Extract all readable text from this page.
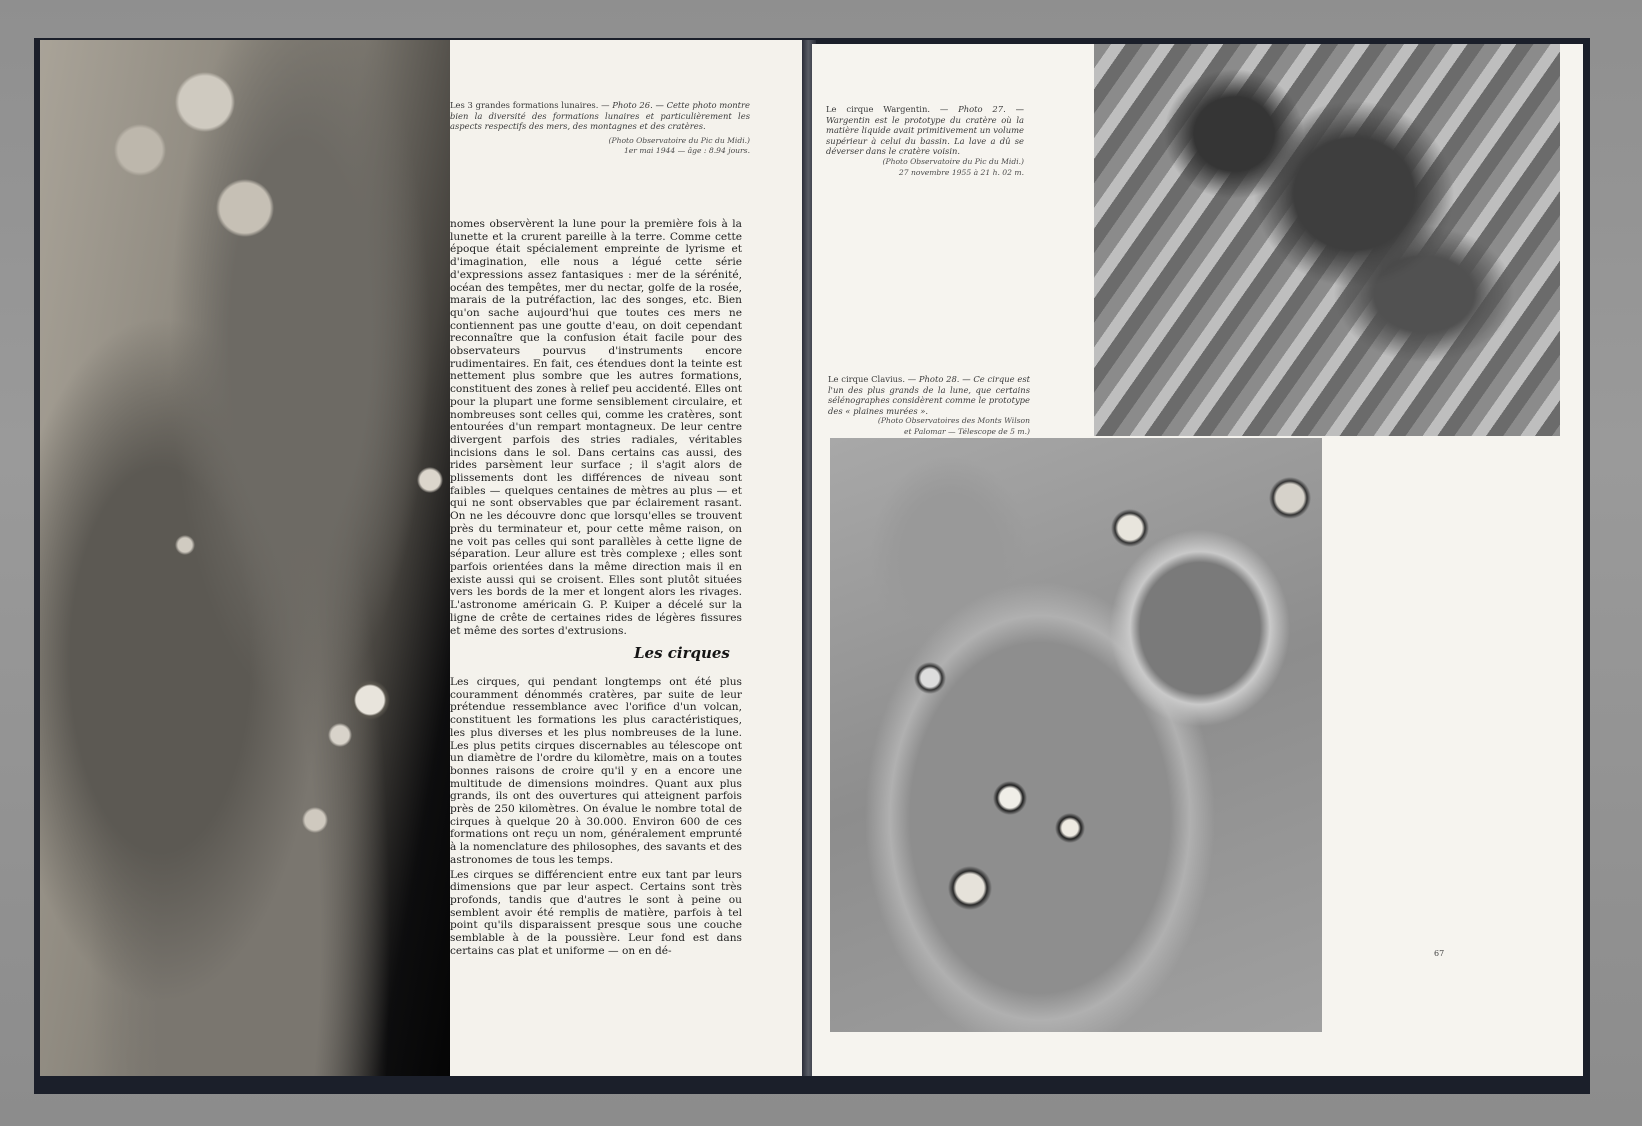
Les 3 grandes formations lunaires. — Photo 26. — Cette photo montre bien la diversité des formations lunaires et particulièrement les aspects respectifs des mers, des montagnes et des cratères.
(Photo Observatoire du Pic du Midi.)
1er mai 1944 — âge : 8.94 jours.

nomes observèrent la lune pour la première fois à la lunette et la crurent pareille à la terre. Comme cette époque était spécialement empreinte de lyrisme et d'imagination, elle nous a légué cette série d'expressions assez fantasiques : mer de la sérénité, océan des tempêtes, mer du nectar, golfe de la rosée, marais de la putréfaction, lac des songes, etc. Bien qu'on sache aujourd'hui que toutes ces mers ne contiennent pas une goutte d'eau, on doit cependant reconnaître que la confusion était facile pour des observateurs pourvus d'instruments encore rudimentaires. En fait, ces étendues dont la teinte est nettement plus sombre que les autres formations, constituent des zones à relief peu accidenté. Elles ont pour la plupart une forme sensiblement circulaire, et nombreuses sont celles qui, comme les cratères, sont entourées d'un rempart montagneux. De leur centre divergent parfois des stries radiales, véritables incisions dans le sol. Dans certains cas aussi, des rides parsèment leur surface ; il s'agit alors de plissements dont les différences de niveau sont faibles — quelques centaines de mètres au plus — et qui ne sont observables que par éclairement rasant. On ne les découvre donc que lorsqu'elles se trouvent près du terminateur et, pour cette même raison, on ne voit pas celles qui sont parallèles à cette ligne de séparation. Leur allure est très complexe ; elles sont parfois orientées dans la même direction mais il en existe aussi qui se croisent. Elles sont plutôt situées vers les bords de la mer et longent alors les rivages. L'astronome américain G. P. Kuiper a décelé sur la ligne de crête de certaines rides de légères fissures et même des sortes d'extrusions.

Les cirques

Les cirques, qui pendant longtemps ont été plus couramment dénommés cratères, par suite de leur prétendue ressemblance avec l'orifice d'un volcan, constituent les formations les plus caractéristiques, les plus diverses et les plus nombreuses de la lune. Les plus petits cirques discernables au télescope ont un diamètre de l'ordre du kilomètre, mais on a toutes bonnes raisons de croire qu'il y en a encore une multitude de dimensions moindres. Quant aux plus grands, ils ont des ouvertures qui atteignent parfois près de 250 kilomètres. On évalue le nombre total de cirques à quelque 20 à 30.000. Environ 600 de ces formations ont reçu un nom, généralement emprunté à la nomenclature des philosophes, des savants et des astronomes de tous les temps.

Les cirques se différencient entre eux tant par leurs dimensions que par leur aspect. Certains sont très profonds, tandis que d'autres le sont à peine ou semblent avoir été remplis de matière, parfois à tel point qu'ils disparaissent presque sous une couche semblable à de la poussière. Leur fond est dans certains cas plat et uniforme — on en dé-

Le cirque Wargentin. — Photo 27. — Wargentin est le prototype du cratère où la matière liquide avait primitivement un volume supérieur à celui du bassin. La lave a dû se déverser dans le cratère voisin.
(Photo Observatoire du Pic du Midi.)
27 novembre 1955 à 21 h. 02 m.
Le cirque Clavius. — Photo 28. — Ce cirque est l'un des plus grands de la lune, que certains sélénographes considèrent comme le prototype des « plaines murées ».
(Photo Observatoires des Monts Wilson
et Palomar — Télescope de 5 m.)
67
